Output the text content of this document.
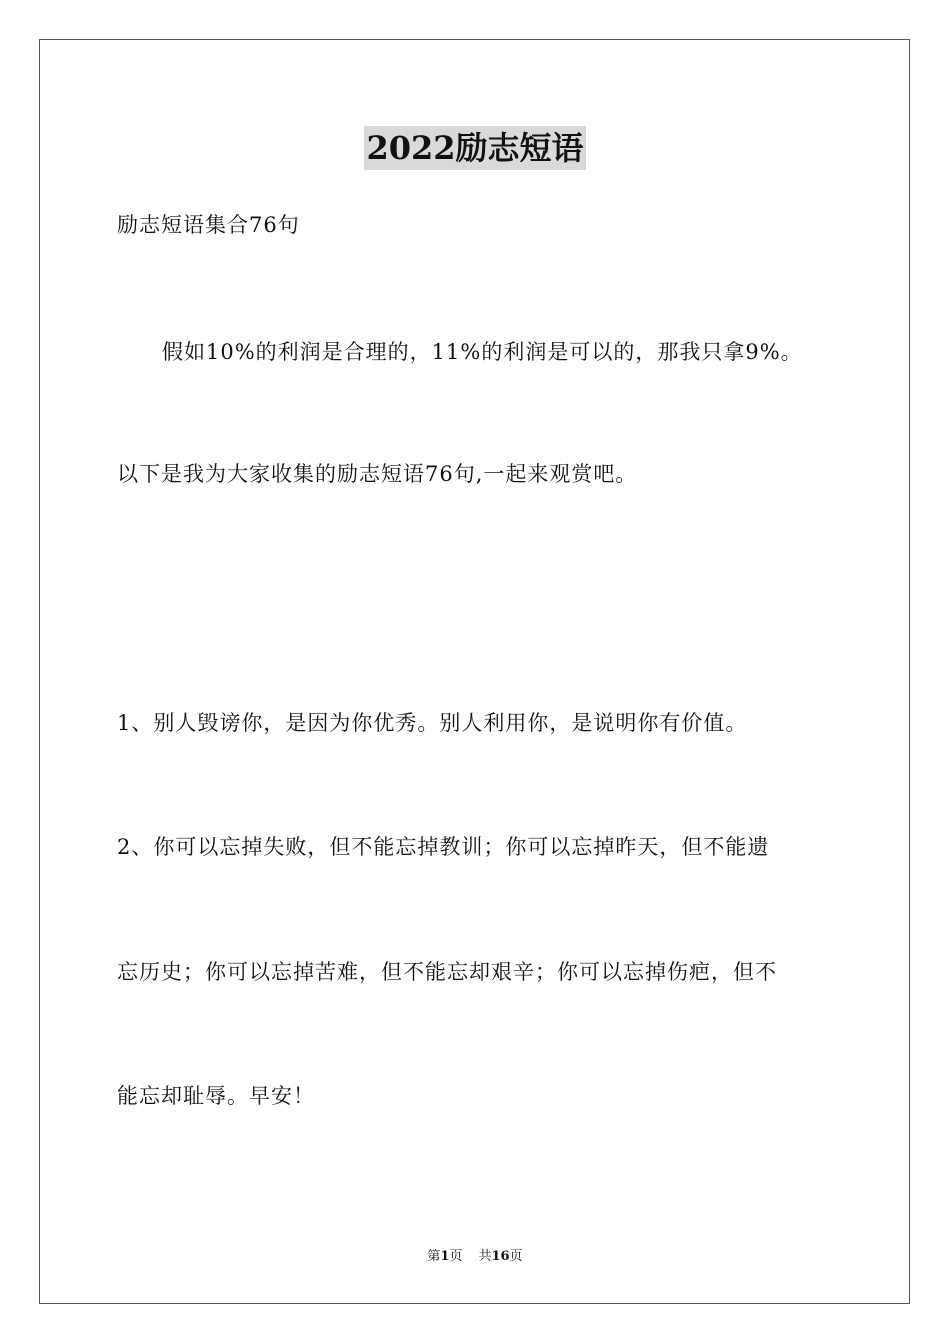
2022励志短语
励志短语集合76句
假如10%的利润是合理的，11%的利润是可以的，那我只拿9%。
以下是我为大家收集的励志短语76句,一起来观赏吧。
1、别人毁谤你，是因为你优秀。别人利用你，是说明你有价值。
2、你可以忘掉失败，但不能忘掉教训；你可以忘掉昨天，但不能遗
忘历史；你可以忘掉苦难，但不能忘却艰辛；你可以忘掉伤疤，但不
能忘却耻辱。早安！
第1页 共16页
